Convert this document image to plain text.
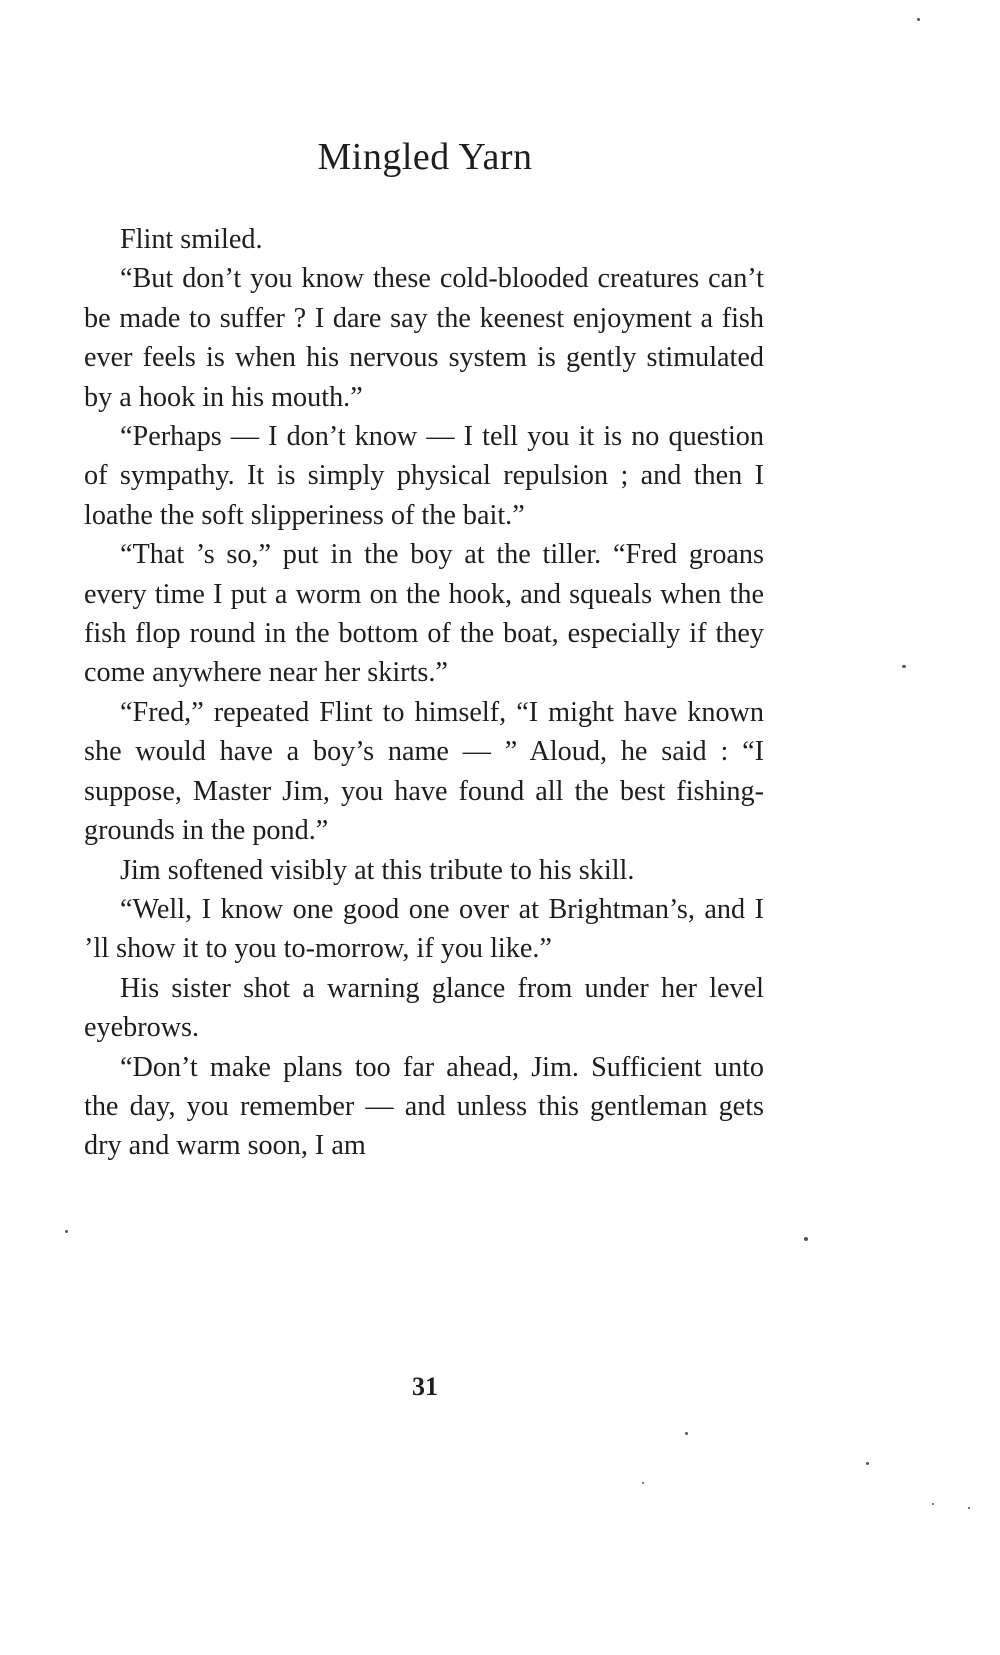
Mingled Yarn

Flint smiled.

“But don’t you know these cold-blooded creatures can’t be made to suffer ? I dare say the keenest enjoyment a fish ever feels is when his nervous system is gently stimulated by a hook in his mouth.”

“Perhaps — I don’t know — I tell you it is no question of sympathy. It is simply physical repulsion ; and then I loathe the soft slipperiness of the bait.”

“That ’s so,” put in the boy at the tiller. “Fred groans every time I put a worm on the hook, and squeals when the fish flop round in the bottom of the boat, especially if they come anywhere near her skirts.”

“Fred,” repeated Flint to himself, “I might have known she would have a boy’s name — ” Aloud, he said : “I suppose, Master Jim, you have found all the best fishing-grounds in the pond.”

Jim softened visibly at this tribute to his skill.

“Well, I know one good one over at Brightman’s, and I ’ll show it to you to-morrow, if you like.”

His sister shot a warning glance from under her level eyebrows.

“Don’t make plans too far ahead, Jim. Sufficient unto the day, you remember — and unless this gentleman gets dry and warm soon, I am

31
